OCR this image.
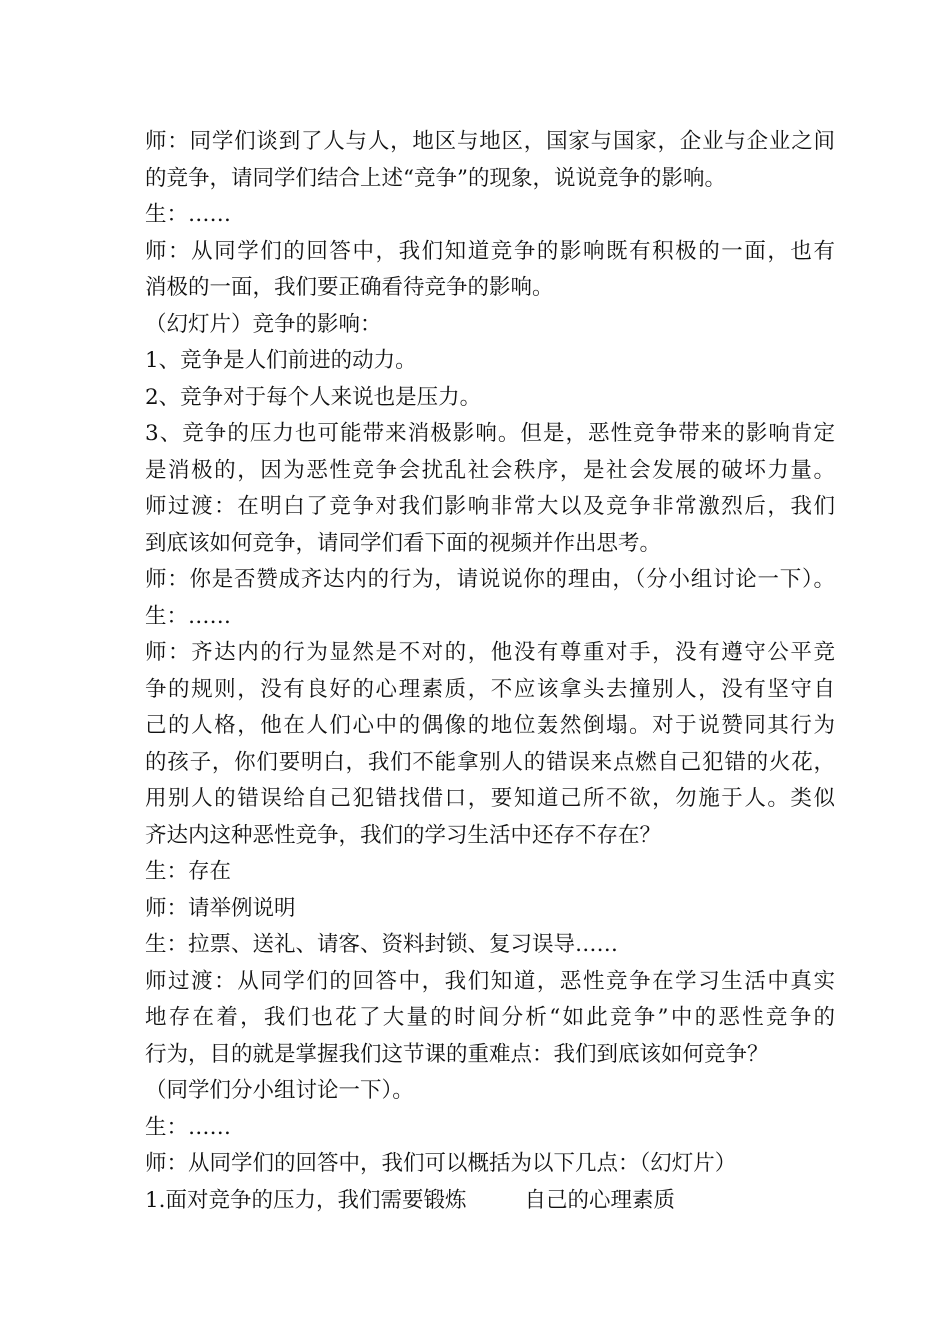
师：同学们谈到了人与人，地区与地区，国家与国家，企业与企业之间
的竞争，请同学们结合上述“竞争”的现象，说说竞争的影响。
生：……
师：从同学们的回答中，我们知道竞争的影响既有积极的一面，也有
消极的一面，我们要正确看待竞争的影响。
（幻灯片）竞争的影响：
1、竞争是人们前进的动力。
2、竞争对于每个人来说也是压力。
3、竞争的压力也可能带来消极影响。但是，恶性竞争带来的影响肯定
是消极的，因为恶性竞争会扰乱社会秩序，是社会发展的破坏力量。
师过渡：在明白了竞争对我们影响非常大以及竞争非常激烈后，我们
到底该如何竞争，请同学们看下面的视频并作出思考。
师：你是否赞成齐达内的行为，请说说你的理由，（分小组讨论一下）。
生：……
师：齐达内的行为显然是不对的，他没有尊重对手，没有遵守公平竞
争的规则，没有良好的心理素质，不应该拿头去撞别人，没有坚守自
己的人格，他在人们心中的偶像的地位轰然倒塌。对于说赞同其行为
的孩子，你们要明白，我们不能拿别人的错误来点燃自己犯错的火花，
用别人的错误给自己犯错找借口，要知道己所不欲，勿施于人。类似
齐达内这种恶性竞争，我们的学习生活中还存不存在？
生：存在
师：请举例说明
生：拉票、送礼、请客、资料封锁、复习误导……
师过渡：从同学们的回答中，我们知道，恶性竞争在学习生活中真实
地存在着，我们也花了大量的时间分析“如此竞争”中的恶性竞争的
行为，目的就是掌握我们这节课的重难点：我们到底该如何竞争？
（同学们分小组讨论一下）。
生：……
师：从同学们的回答中，我们可以概括为以下几点：（幻灯片）
1.面对竞争的压力，我们需要锻炼	自己的心理素质
